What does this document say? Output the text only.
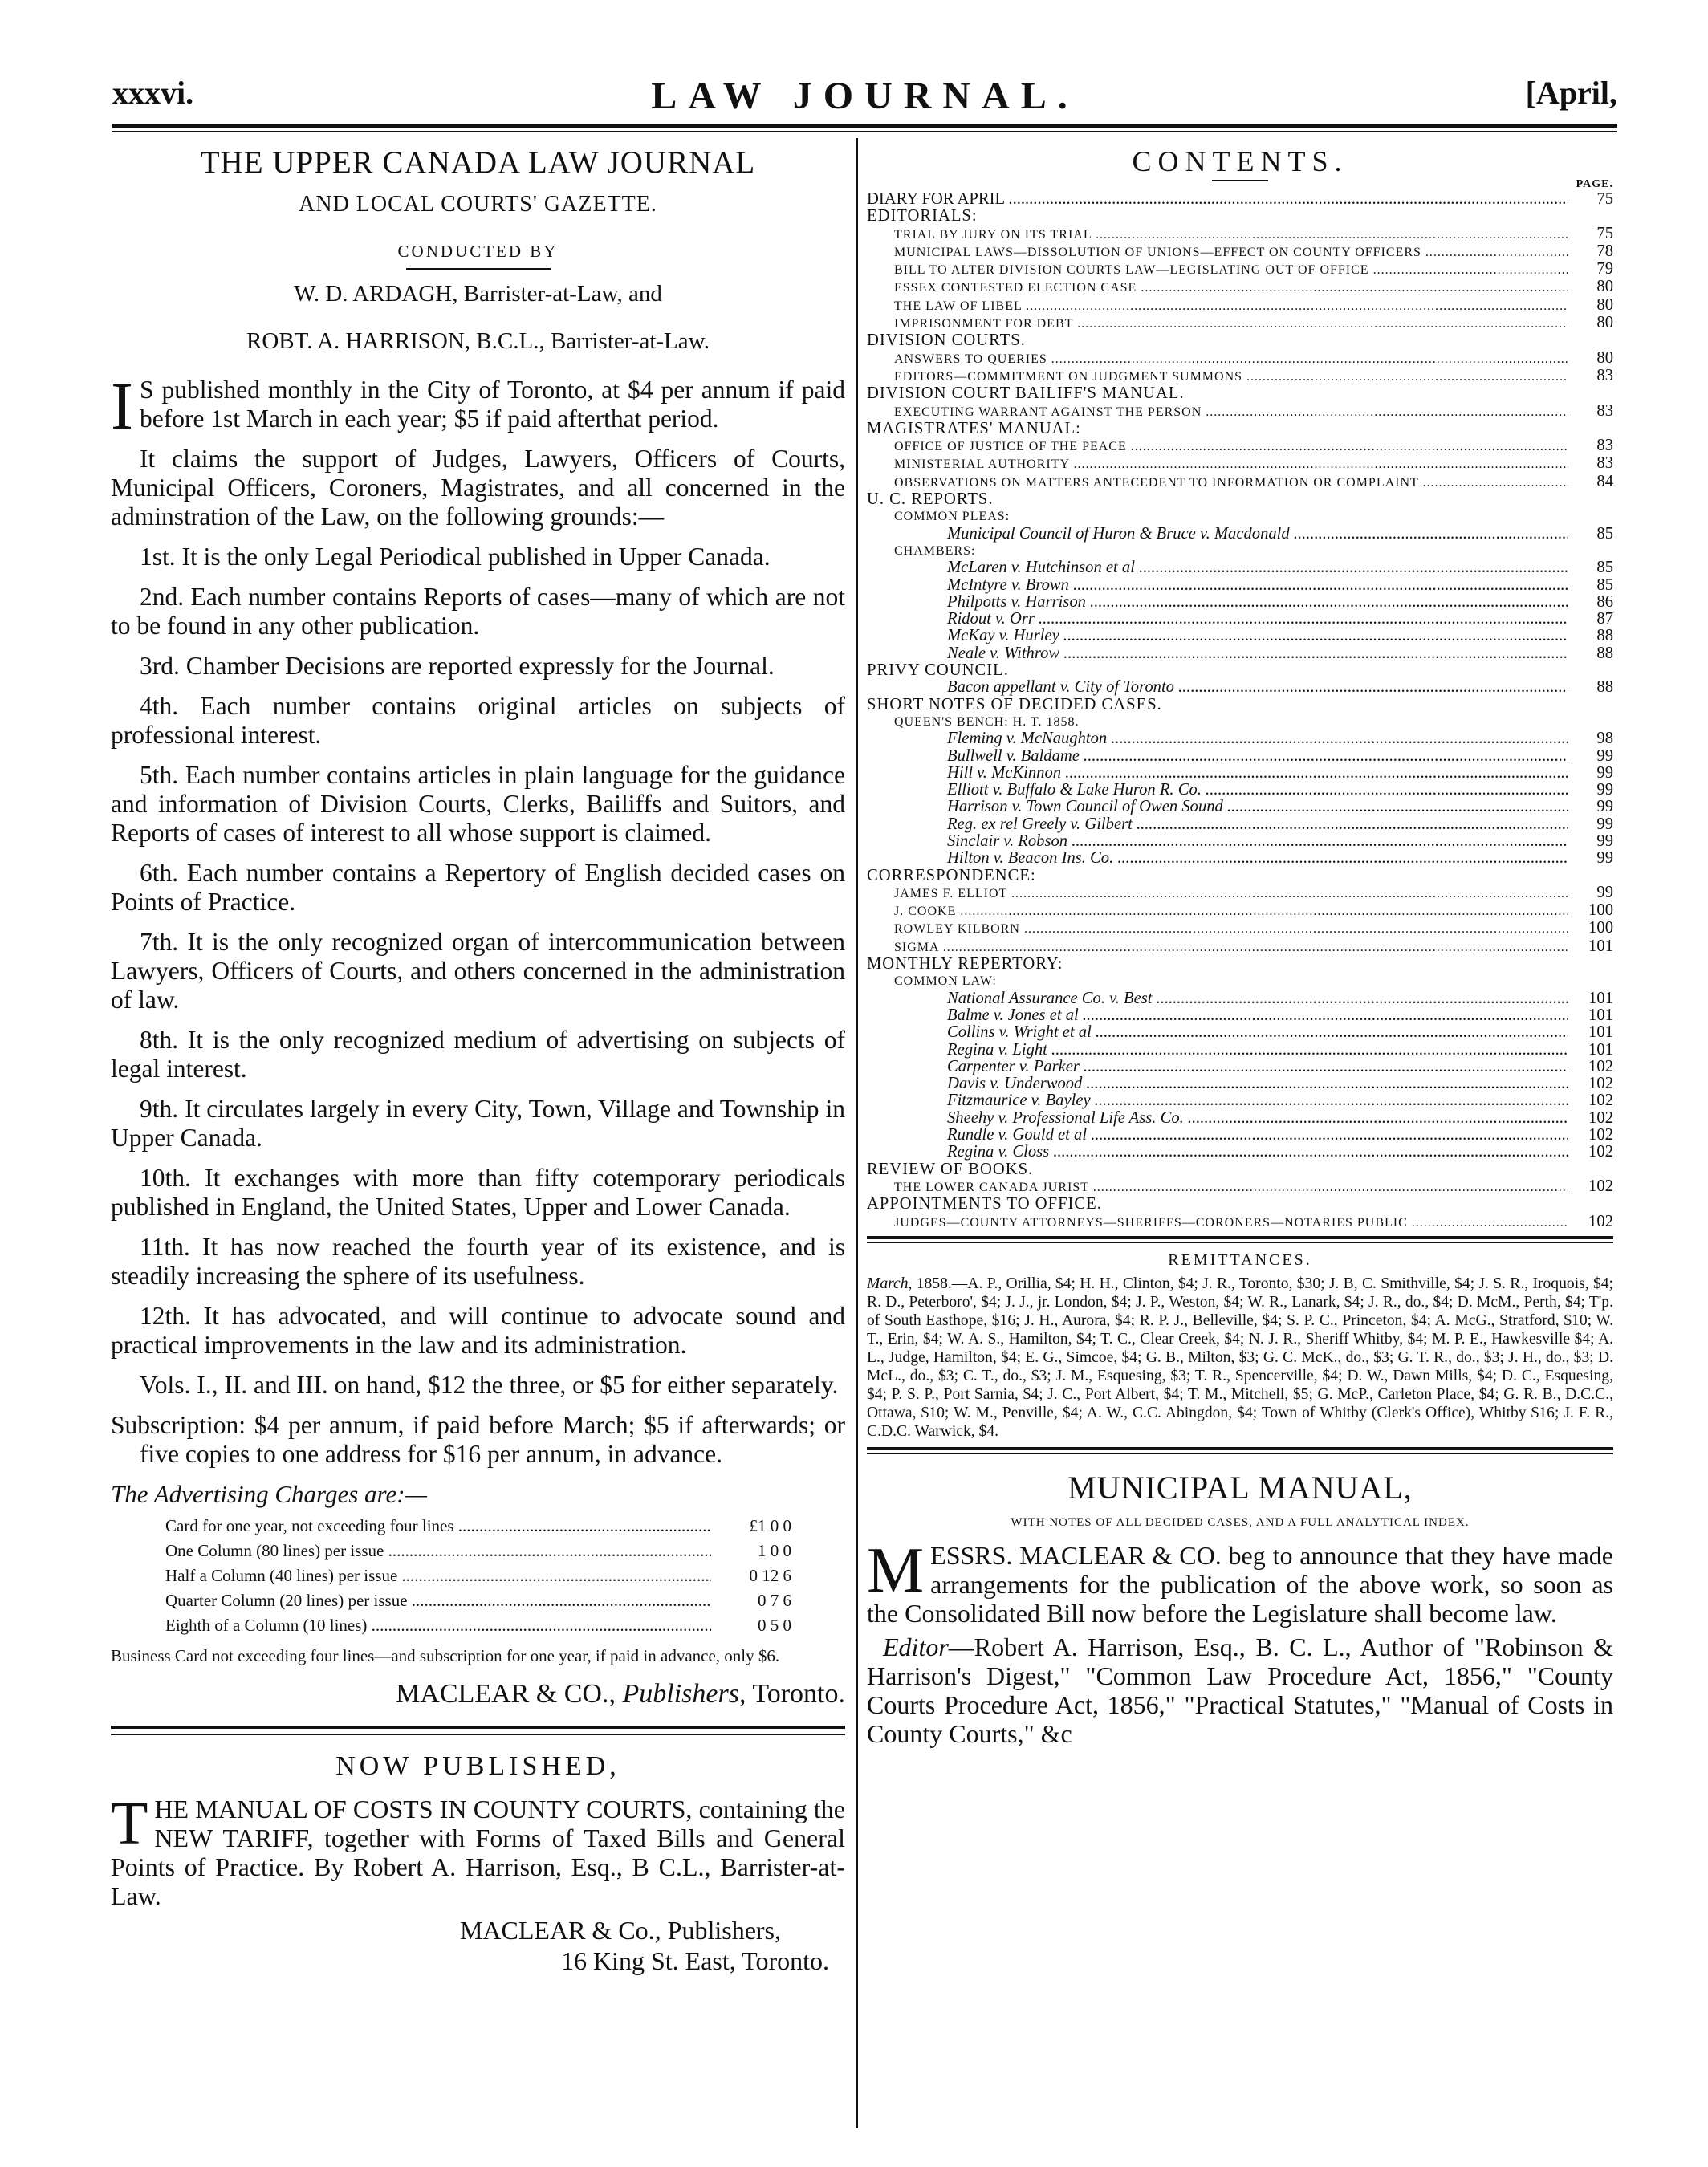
xxxvi.	LAW JOURNAL.	[April,
THE UPPER CANADA LAW JOURNAL
AND LOCAL COURTS' GAZETTE.
CONDUCTED BY
W. D. ARDAGH, Barrister-at-Law, and
ROBT. A. HARRISON, B.C.L., Barrister-at-Law.
I S published monthly in the City of Toronto, at $4 per annum if paid before 1st March in each year; $5 if paid afterthat period.
It claims the support of Judges, Lawyers, Officers of Courts, Municipal Officers, Coroners, Magistrates, and all concerned in the adminstration of the Law, on the following grounds:—
1st. It is the only Legal Periodical published in Upper Canada.
2nd. Each number contains Reports of cases—many of which are not to be found in any other publication.
3rd. Chamber Decisions are reported expressly for the Journal.
4th. Each number contains original articles on subjects of professional interest.
5th. Each number contains articles in plain language for the guidance and information of Division Courts, Clerks, Bailiffs and Suitors, and Reports of cases of interest to all whose support is claimed.
6th. Each number contains a Repertory of English decided cases on Points of Practice.
7th. It is the only recognized organ of intercommunication between Lawyers, Officers of Courts, and others concerned in the administration of law.
8th. It is the only recognized medium of advertising on subjects of legal interest.
9th. It circulates largely in every City, Town, Village and Township in Upper Canada.
10th. It exchanges with more than fifty cotemporary periodicals published in England, the United States, Upper and Lower Canada.
11th. It has now reached the fourth year of its existence, and is steadily increasing the sphere of its usefulness.
12th. It has advocated, and will continue to advocate sound and practical improvements in the law and its administration.
Vols. I., II. and III. on hand, $12 the three, or $5 for either separately.
Subscription: $4 per annum, if paid before March; $5 if afterwards; or five copies to one address for $16 per annum, in advance.
The Advertising Charges are:—
Card for one year, not exceeding four lines .....	£1 0 0
One Column (80 lines) per issue .....	1 0 0
Half a Column (40 lines) per issue .....	0 12 6
Quarter Column (20 lines) per issue .....	0 7 6
Eighth of a Column (10 lines) .....	0 5 0
Business Card not exceeding four lines—and subscription for one year, if paid in advance, only $6.
MACLEAR & CO., Publishers, Toronto.
NOW PUBLISHED,
THE MANUAL OF COSTS IN COUNTY COURTS, containing the NEW TARIFF, together with Forms of Taxed Bills and General Points of Practice. By Robert A. Harrison, Esq., B C.L., Barrister-at-Law.
MACLEAR & Co., Publishers,
16 King St. East, Toronto.
CONTENTS.
PAGE.
DIARY FOR APRIL .....	75
EDITORIALS:
TRIAL BY JURY ON ITS TRIAL .....	75
MUNICIPAL LAWS—DISSOLUTION OF UNIONS—EFFECT ON COUNTY OFFICERS .....	78
BILL TO ALTER DIVISION COURTS LAW—LEGISLATING OUT OF OFFICE .....	79
ESSEX CONTESTED ELECTION CASE .....	80
THE LAW OF LIBEL .....	80
IMPRISONMENT FOR DEBT .....	80
DIVISION COURTS.
ANSWERS TO QUERIES .....	80
EDITORS—COMMITMENT ON JUDGMENT SUMMONS .....	83
DIVISION COURT BAILIFF'S MANUAL.
EXECUTING WARRANT AGAINST THE PERSON .....	83
MAGISTRATES' MANUAL:
OFFICE OF JUSTICE OF THE PEACE .....	83
MINISTERIAL AUTHORITY .....	83
OBSERVATIONS ON MATTERS ANTECEDENT TO INFORMATION OR COMPLAINT .....	84
U. C. REPORTS.
COMMON PLEAS:
Municipal Council of Huron & Bruce v. Macdonald .....	85
CHAMBERS:
McLaren v. Hutchinson et al .....	85
McIntyre v. Brown .....	85
Philpotts v. Harrison .....	86
Ridout v. Orr .....	87
McKay v. Hurley .....	88
Neale v. Withrow .....	88
PRIVY COUNCIL.
Bacon appellant v. City of Toronto .....	88
SHORT NOTES OF DECIDED CASES.
QUEEN'S BENCH: H. T. 1858.
Fleming v. McNaughton .....	98
Bullwell v. Baldame .....	99
Hill v. McKinnon .....	99
Elliott v. Buffalo & Lake Huron R. Co. .....	99
Harrison v. Town Council of Owen Sound .....	99
Reg. ex rel Greely v. Gilbert .....	99
Sinclair v. Robson .....	99
Hilton v. Beacon Ins. Co. .....	99
CORRESPONDENCE:
JAMES F. ELLIOT .....	99
J. COOKE .....	100
ROWLEY KILBORN .....	100
SIGMA .....	101
MONTHLY REPERTORY:
COMMON LAW:
National Assurance Co. v. Best .....	101
Balme v. Jones et al .....	101
Collins v. Wright et al .....	101
Regina v. Light .....	101
Carpenter v. Parker .....	102
Davis v. Underwood .....	102
Fitzmaurice v. Bayley .....	102
Sheehy v. Professional Life Ass. Co. .....	102
Rundle v. Gould et al .....	102
Regina v. Closs .....	102
REVIEW OF BOOKS.
THE LOWER CANADA JURIST .....	102
APPOINTMENTS TO OFFICE.
JUDGES—COUNTY ATTORNEYS—SHERIFFS—CORONERS—NOTARIES PUBLIC .....	102
REMITTANCES.
March, 1858.—A. P., Orillia, $4; H. H., Clinton, $4; J. R., Toronto, $30; J. B, C. Smithville, $4; J. S. R., Iroquois, $4; R. D., Peterboro', $4; J. J., jr. London, $4; J. P., Weston, $4; W. R., Lanark, $4; J. R., do., $4; D. McM., Perth, $4; T'p. of South Easthope, $16; J. H., Aurora, $4; R. P. J., Belleville, $4; S. P. C., Princeton, $4; A. McG., Stratford, $10; W. T., Erin, $4; W. A. S., Hamilton, $4; T. C., Clear Creek, $4; N. J. R., Sheriff Whitby, $4; M. P. E., Hawkesville $4; A. L., Judge, Hamilton, $4; E. G., Simcoe, $4; G. B., Milton, $3; G. C. McK., do., $3; G. T. R., do., $3; J. H., do., $3; D. McL., do., $3; C. T., do., $3; J. M., Esquesing, $3; T. R., Spencerville, $4; D. W., Dawn Mills, $4; D. C., Esquesing, $4; P. S. P., Port Sarnia, $4; J. C., Port Albert, $4; T. M., Mitchell, $5; G. McP., Carleton Place, $4; G. R. B., D.C.C., Ottawa, $10; W. M., Penville, $4; A. W., C.C. Abingdon, $4; Town of Whitby (Clerk's Office), Whitby $16; J. F. R., C.D.C. Warwick, $4.
MUNICIPAL MANUAL,
WITH NOTES OF ALL DECIDED CASES, AND A FULL ANALYTICAL INDEX.
MESSRS. MACLEAR & CO. beg to announce that they have made arrangements for the publication of the above work, so soon as the Consolidated Bill now before the Legislature shall become law.
Editor—Robert A. Harrison, Esq., B. C. L., Author of "Robinson & Harrison's Digest," "Common Law Procedure Act, 1856," "County Courts Procedure Act, 1856," "Practical Statutes," "Manual of Costs in County Courts," &c
